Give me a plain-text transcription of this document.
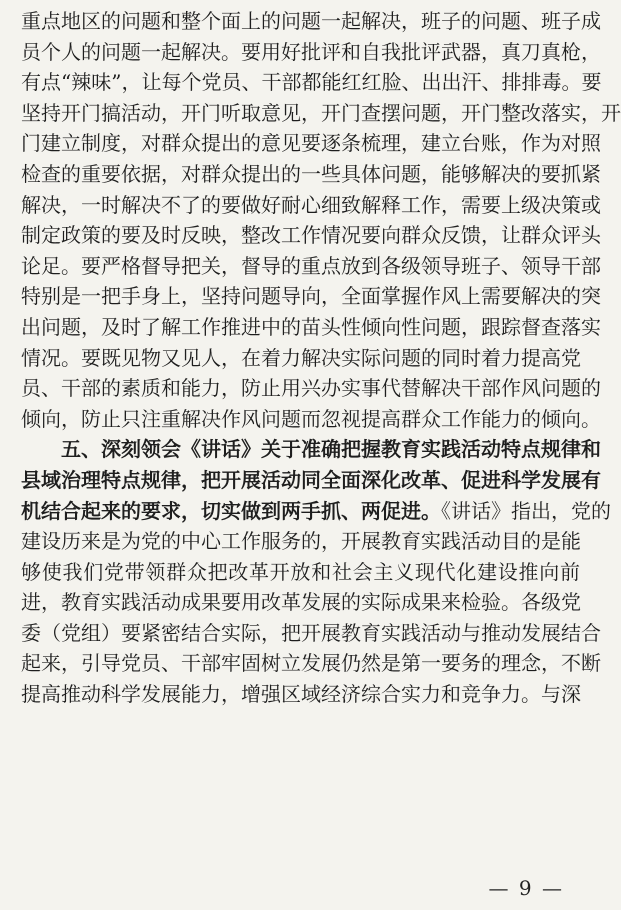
重点地区的问题和整个面上的问题一起解决，班子的问题、班子成
员个人的问题一起解决。要用好批评和自我批评武器，真刀真枪，
有点“辣味”，让每个党员、干部都能红红脸、出出汗、排排毒。要
坚持开门搞活动，开门听取意见，开门查摆问题，开门整改落实，开
门建立制度，对群众提出的意见要逐条梳理，建立台账，作为对照
检查的重要依据，对群众提出的一些具体问题，能够解决的要抓紧
解决，一时解决不了的要做好耐心细致解释工作，需要上级决策或
制定政策的要及时反映，整改工作情况要向群众反馈，让群众评头
论足。要严格督导把关，督导的重点放到各级领导班子、领导干部
特别是一把手身上，坚持问题导向，全面掌握作风上需要解决的突
出问题，及时了解工作推进中的苗头性倾向性问题，跟踪督查落实
情况。要既见物又见人，在着力解决实际问题的同时着力提高党
员、干部的素质和能力，防止用兴办实事代替解决干部作风问题的
倾向，防止只注重解决作风问题而忽视提高群众工作能力的倾向。
五、深刻领会《讲话》关于准确把握教育实践活动特点规律和
县域治理特点规律，把开展活动同全面深化改革、促进科学发展有
机结合起来的要求，切实做到两手抓、两促进。《讲话》指出，党的
建设历来是为党的中心工作服务的，开展教育实践活动目的是能
够使我们党带领群众把改革开放和社会主义现代化建设推向前
进，教育实践活动成果要用改革发展的实际成果来检验。各级党
委（党组）要紧密结合实际，把开展教育实践活动与推动发展结合
起来，引导党员、干部牢固树立发展仍然是第一要务的理念，不断
提高推动科学发展能力，增强区域经济综合实力和竞争力。与深
— 9 —
